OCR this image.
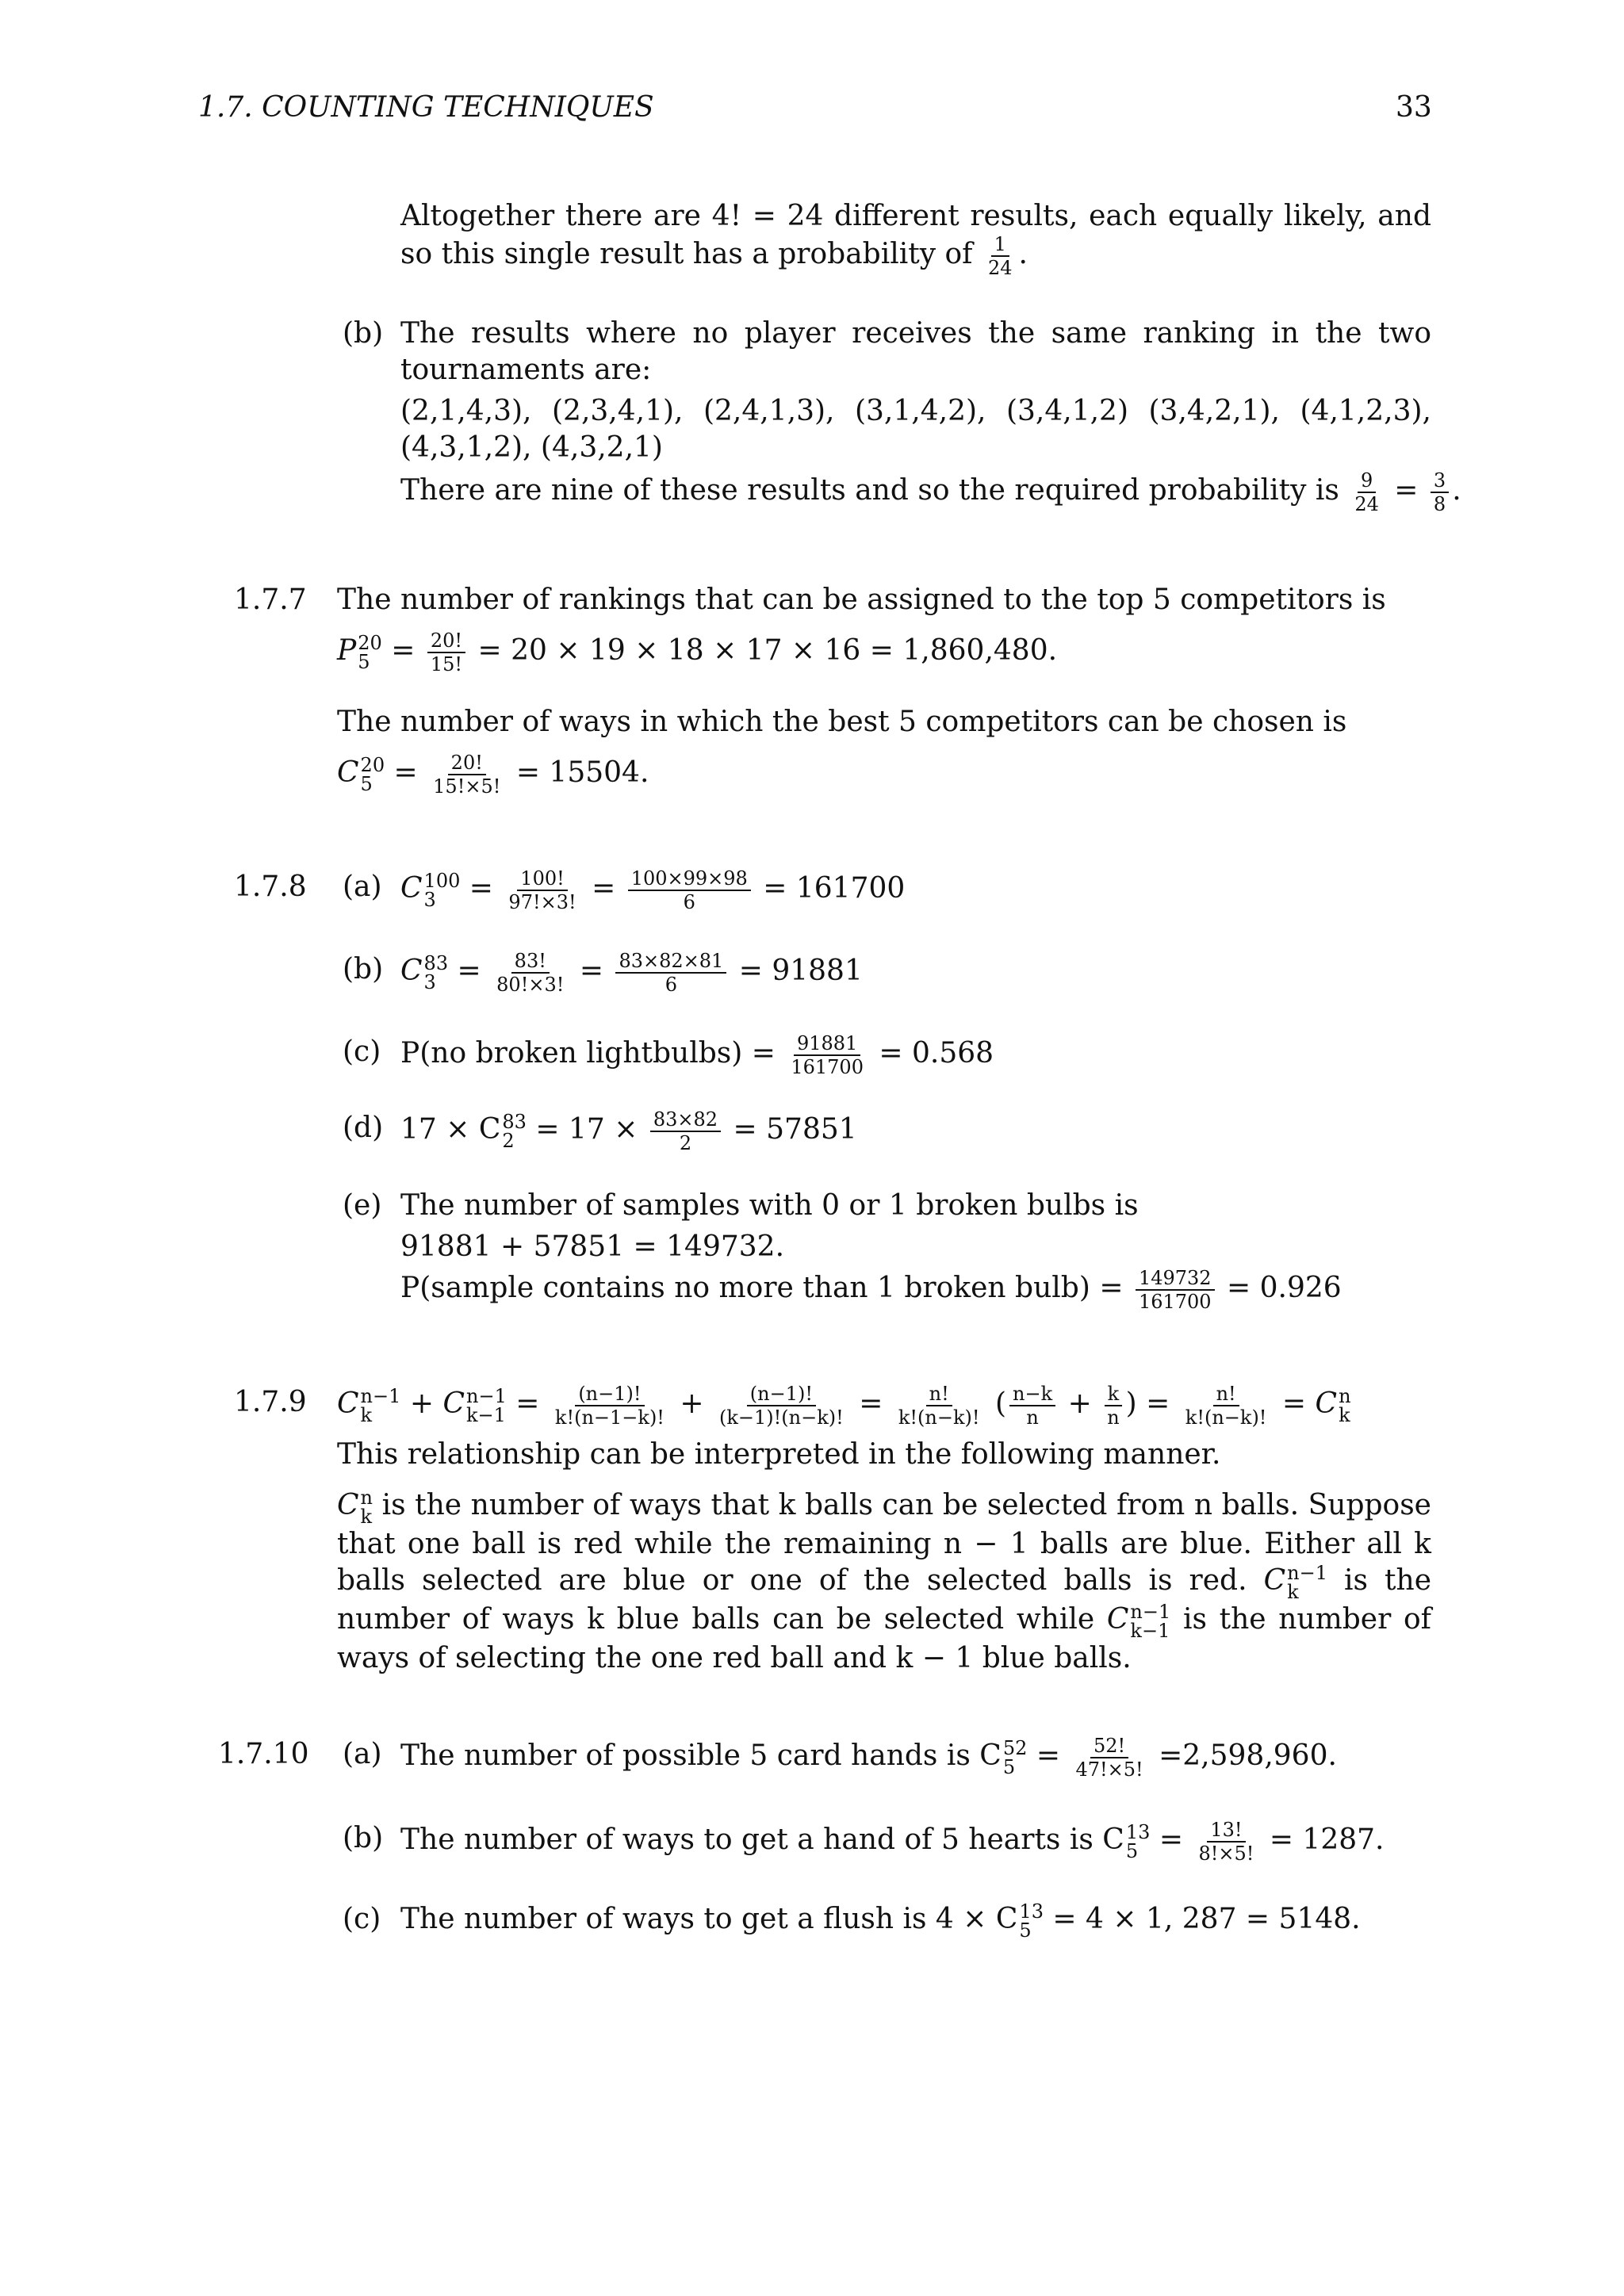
1.7. COUNTING TECHNIQUES	33
Altogether there are 4! = 24 different results, each equally likely, and so this single result has a probability of $\frac{1}{24}$ .
(b) The results where no player receives the same ranking in the two tournaments are:
(2,1,4,3), (2,3,4,1), (2,4,1,3), (3,1,4,2), (3,4,1,2) (3,4,2,1), (4,1,2,3), (4,3,1,2), (4,3,2,1)
There are nine of these results and so the required probability is $\frac{9}{24} = \frac{3}{8}$ .
1.7.7 The number of rankings that can be assigned to the top 5 competitors is
P 20
$5 = \frac{20!}{15!} = 20 \times 19 \times 18 \times 17 \times 16 = 1,860,480$.
The number of ways in which the best 5 competitors can be chosen is
C 20
$5 = \frac{20!}{15!\times 5!} = 15504$.
1.7.8 (a) C 100
$3 = \frac{100!}{97!\times 3!} = \frac{100\times 99\times 98}{6} = 161700$
(b) C 83
$3 = \frac{83!}{80!\times 3!} = \frac{83\times 82\times 81}{6} = 91881$
(c) P(no broken lightbulbs) = $\frac{91881}{161700} = 0.568$
(d) 17 × C 83
$2 = 17 \times \frac{83\times 82}{2} = 57851$
(e) The number of samples with 0 or 1 broken bulbs is
91881 + 57851 = 149732.
P(sample contains no more than 1 broken bulb) = $\frac{149732}{161700} = 0.926$
1.7.9 C n−1
k	+ C n−1
$k-1 = \frac{(n-1)!}{k!(n-1-k)!} + \frac{(n-1)!}{(k-1)!(n-k)!} = \frac{n!}{k!(n-k)!}$ ( $\frac{n-k}{n} + \frac{k}{n}$ ) = $\frac{n!}{k!(n-k)!} = C$ n
k
This relationship can be interpreted in the following manner.
C n
k is the number of ways that k balls can be selected from n balls. Suppose that one ball is red while the remaining n − 1 balls are blue. Either all k balls selected are blue or one of the selected balls is red. C n−1
k	is the number of ways k blue balls can be selected while C n−1
k−1 is the number of ways of selecting the one red ball and k − 1 blue balls.
1.7.10 (a) The number of possible 5 card hands is C 52
$5 = \frac{52!}{47!\times 5!} =2,598,960$.
(b) The number of ways to get a hand of 5 hearts is C 13
$5 = \frac{13!}{8!\times 5!} = 1287$.
(c) The number of ways to get a flush is 4 × C 13
5 = 4 × 1, 287 = 5148.
